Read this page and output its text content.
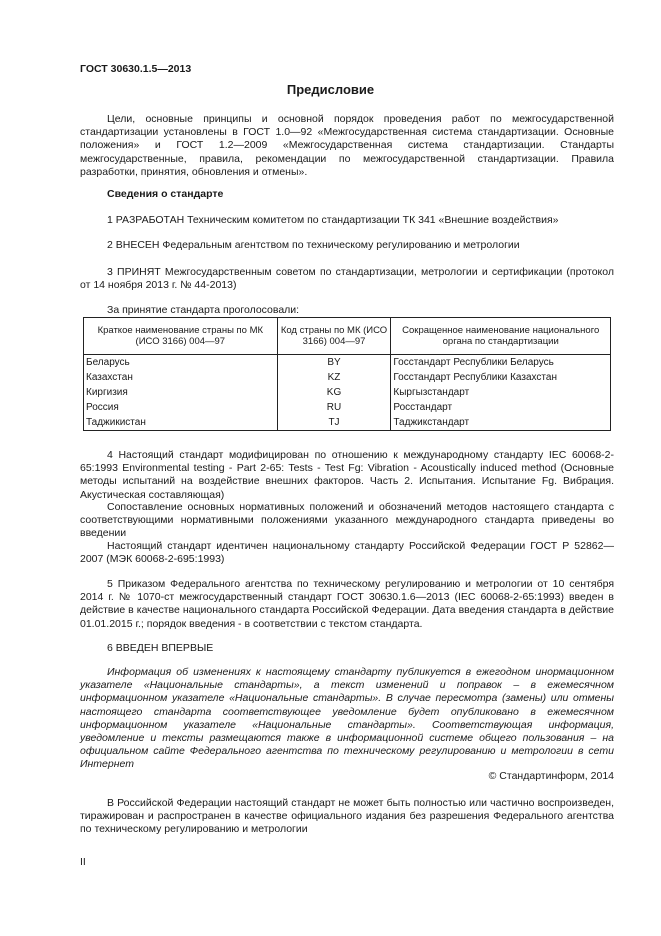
ГОСТ 30630.1.5—2013
Предисловие
Цели, основные принципы и основной порядок проведения работ по межгосударственной стандартизации установлены в ГОСТ 1.0—92 «Межгосударственная система стандартизации. Основные положения» и ГОСТ 1.2—2009 «Межгосударственная система стандартизации. Стандарты межгосударственные, правила, рекомендации по межгосударственной стандартизации. Правила разработки, принятия, обновления и отмены».
Сведения о стандарте
1 РАЗРАБОТАН Техническим комитетом по стандартизации ТК 341 «Внешние воздействия»
2 ВНЕСЕН Федеральным агентством по техническому регулированию и метрологии
3 ПРИНЯТ Межгосударственным советом по стандартизации, метрологии и сертификации (протокол от 14 ноября 2013 г. № 44-2013)
За принятие стандарта проголосовали:
Краткое наименование страны по МК (ИСО 3166) 004—97	Код страны по МК (ИСО 3166) 004—97	Сокращенное наименование национального органа по стандартизации
Беларусь	BY	Госстандарт Республики Беларусь
Казахстан	KZ	Госстандарт Республики Казахстан
Киргизия	KG	Кыргызстандарт
Россия	RU	Росстандарт
Таджикистан	TJ	Таджикстандарт
4 Настоящий стандарт модифицирован по отношению к международному стандарту IEC 60068-2-65:1993 Environmental testing - Part 2-65: Tests - Test Fg: Vibration - Acoustically induced method (Основные методы испытаний на воздействие внешних факторов. Часть 2. Испытания. Испытание Fg. Вибрация. Акустическая составляющая)
Сопоставление основных нормативных положений и обозначений методов настоящего стандарта с соответствующими нормативными положениями указанного международного стандарта приведены во введении
Настоящий стандарт идентичен национальному стандарту Российской Федерации ГОСТ Р 52862—2007 (МЭК 60068-2-695:1993)
5 Приказом Федерального агентства по техническому регулированию и метрологии от 10 сентября 2014 г. № 1070-ст межгосударственный стандарт ГОСТ 30630.1.6—2013 (IEC 60068-2-65:1993) введен в действие в качестве национального стандарта Российской Федерации. Дата введения стандарта в действие 01.01.2015 г.; порядок введения - в соответствии с текстом стандарта.
6 ВВЕДЕН ВПЕРВЫЕ
Информация об изменениях к настоящему стандарту публикуется в ежегодном инормационном указателе «Национальные стандарты», а текст изменений и поправок – в ежемесячном информационном указателе «Национальные стандарты». В случае пересмотра (замены) или отмены настоящего стандарта соответствующее уведомление будет опубликовано в ежемесячном информационном указателе «Национальные стандарты». Соответствующая информация, уведомление и тексты размещаются также в информационной системе общего пользования – на официальном сайте Федерального агентства по техническому регулированию и метрологии в сети Интернет
© Стандартинформ, 2014
В Российской Федерации настоящий стандарт не может быть полностью или частично воспроизведен, тиражирован и распространен в качестве официального издания без разрешения Федерального агентства по техническому регулированию и метрологии
II
